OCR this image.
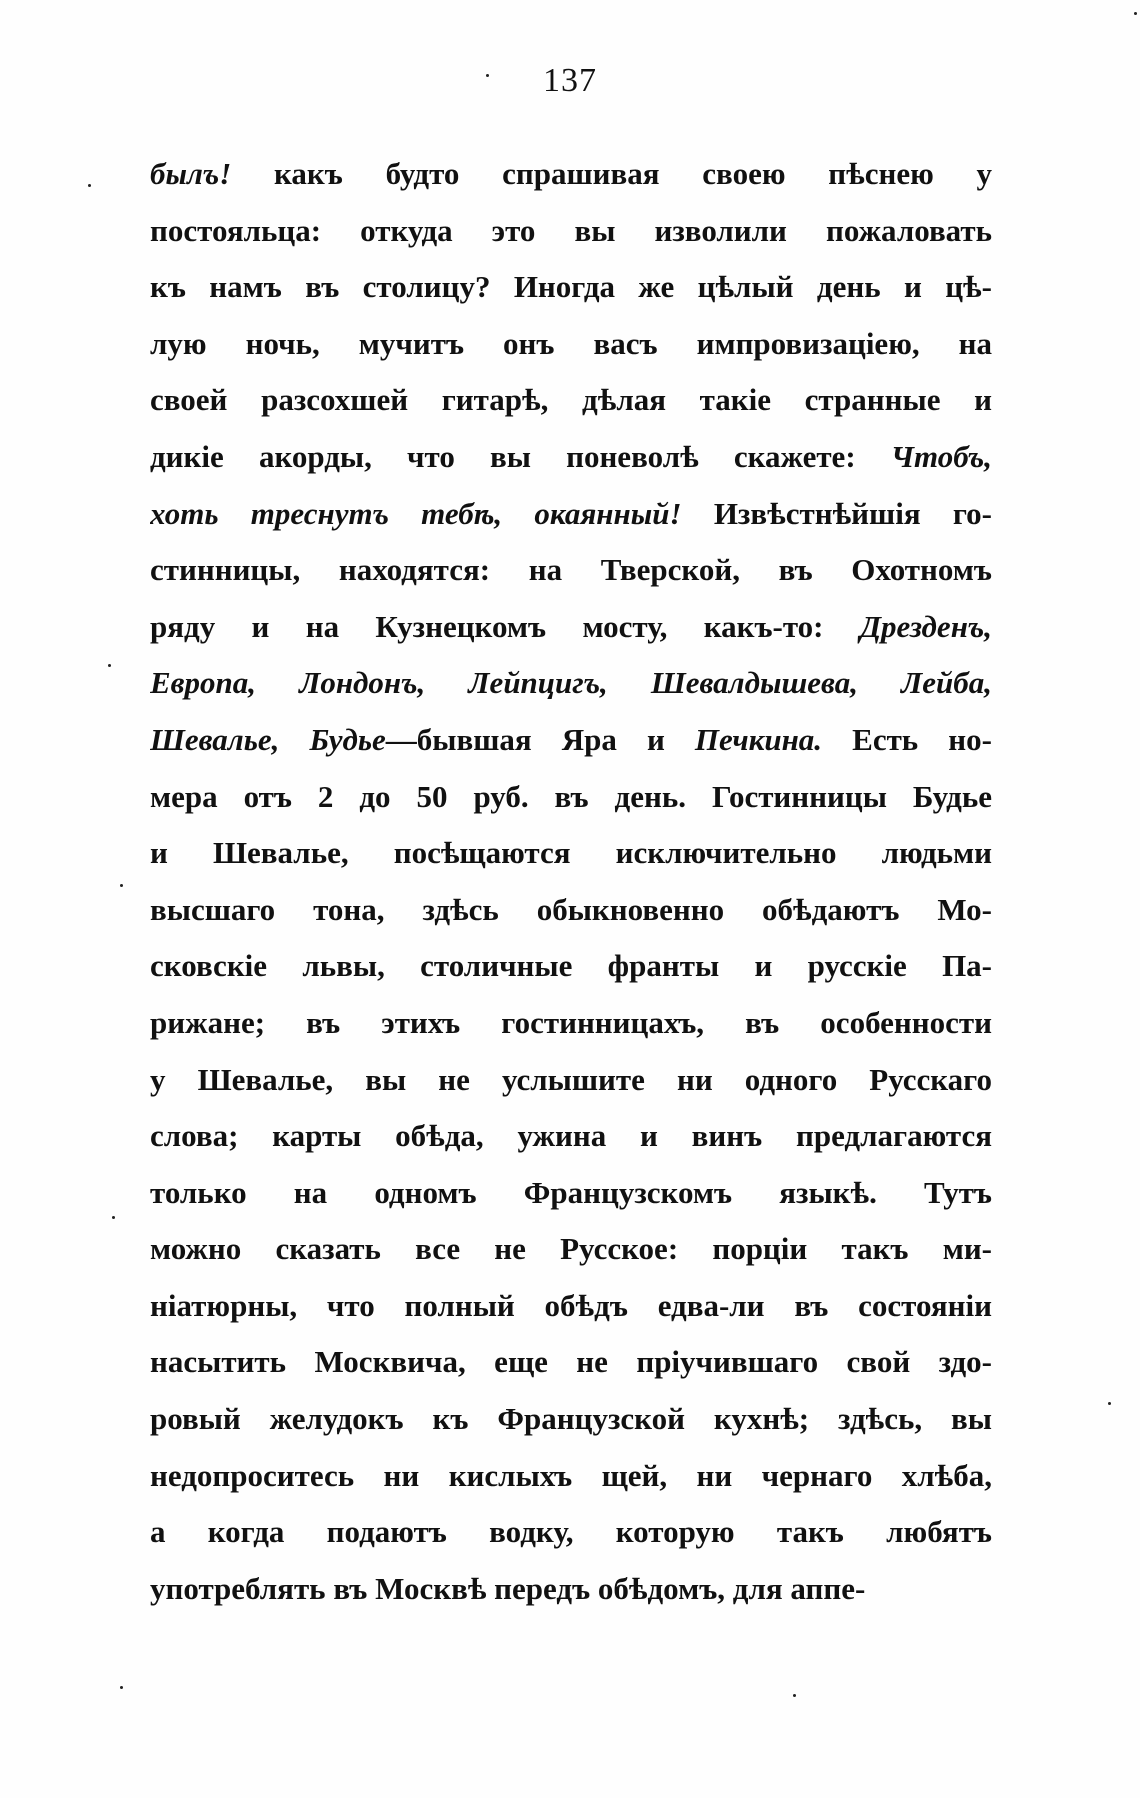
137
былъ! какъ будто спрашивая своею пѣснею у
постояльца: откуда это вы изволили пожаловать
къ намъ въ столицу? Иногда же цѣлый день и цѣ-
лую ночь, мучитъ онъ васъ импровизацiею, на
своей разсохшей гитарѣ, дѣлая такiе странные и
дикiе акорды, что вы поневолѣ скажете: Чтобъ,
хоть треснутъ тебѣ, окаянный! Извѣстнѣйшiя го-
стинницы, находятся: на Тверской, въ Охотномъ
ряду и на Кузнецкомъ мосту, какъ-то: Дрезденъ,
Европа, Лондонъ, Лейпцигъ, Шевалдышева, Лейба,
Шевалье, Будье—бывшая Яра и Печкина. Есть но-
мера отъ 2 до 50 руб. въ день. Гостинницы Будье
и Шевалье, посѣщаются исключительно людьми
высшаго тона, здѣсь обыкновенно обѣдаютъ Мо-
сковскiе львы, столичные франты и русскiе Па-
рижане; въ этихъ гостинницахъ, въ особенности
у Шевалье, вы не услышите ни одного Русскаго
слова; карты обѣда, ужина и винъ предлагаются
только на одномъ Французскомъ языкѣ. Тутъ
можно сказать все не Русское: порцiи такъ ми-
нiатюрны, что полный обѣдъ едва-ли въ состоянiи
насытить Москвича, еще не прiучившаго свой здо-
ровый желудокъ къ Французской кухнѣ; здѣсь, вы
недопроситесь ни кислыхъ щей, ни чернаго хлѣба,
а когда подаютъ водку, которую такъ любятъ
употреблять въ Москвѣ передъ обѣдомъ, для аппе-
